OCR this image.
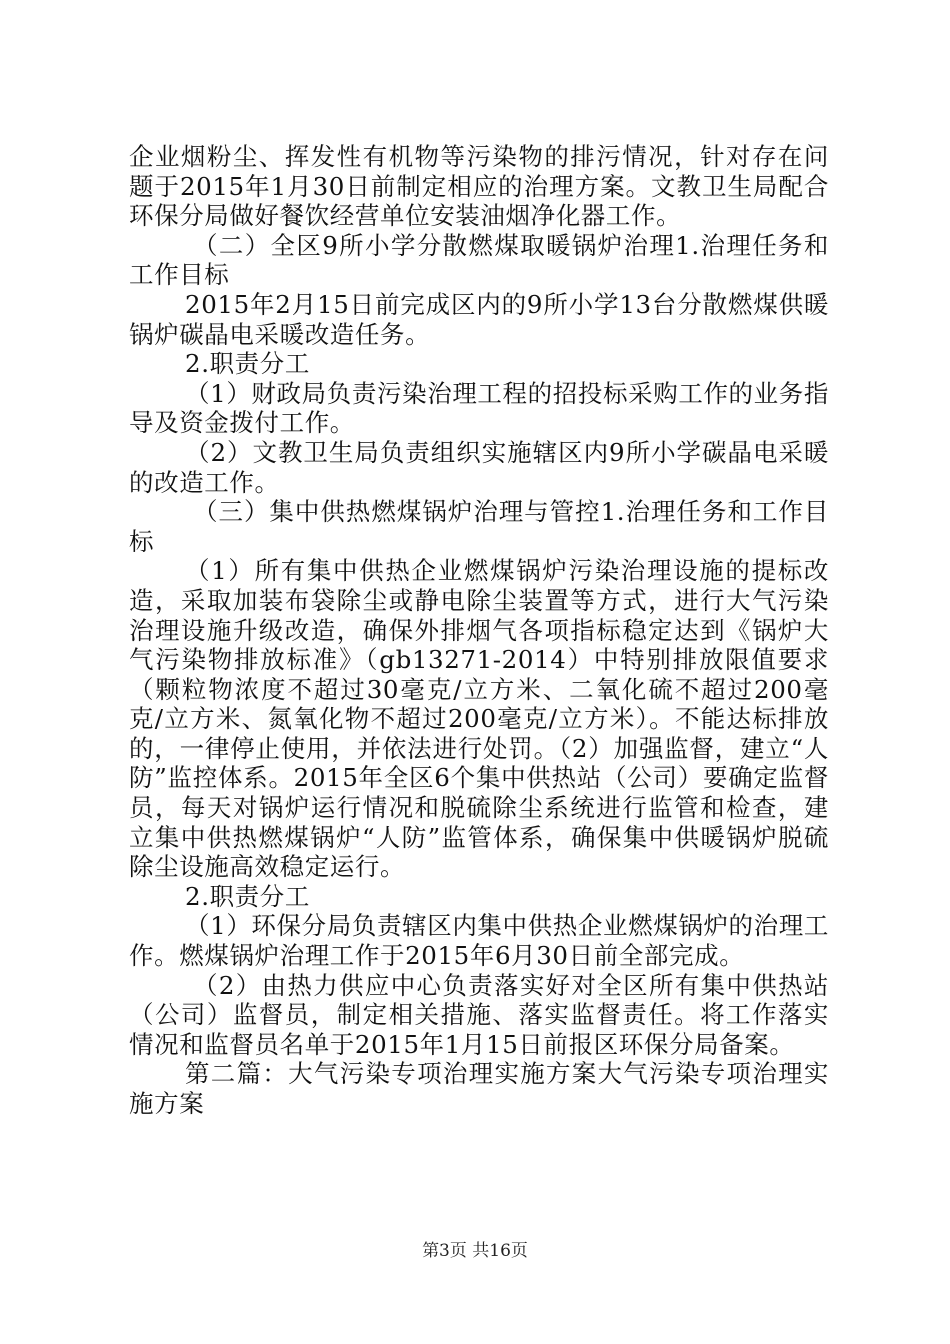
企业烟粉尘、挥发性有机物等污染物的排污情况，针对存在问题于2015年1月30日前制定相应的治理方案。文教卫生局配合环保分局做好餐饮经营单位安装油烟净化器工作。

（二）全区9所小学分散燃煤取暖锅炉治理1.治理任务和工作目标

2015年2月15日前完成区内的9所小学13台分散燃煤供暖锅炉碳晶电采暖改造任务。

2.职责分工

（1）财政局负责污染治理工程的招投标采购工作的业务指导及资金拨付工作。

（2）文教卫生局负责组织实施辖区内9所小学碳晶电采暖的改造工作。

（三）集中供热燃煤锅炉治理与管控1.治理任务和工作目标

（1）所有集中供热企业燃煤锅炉污染治理设施的提标改造，采取加装布袋除尘或静电除尘装置等方式，进行大气污染治理设施升级改造，确保外排烟气各项指标稳定达到《锅炉大气污染物排放标准》（gb13271-2014）中特别排放限值要求（颗粒物浓度不超过30毫克/立方米、二氧化硫不超过200毫克/立方米、氮氧化物不超过200毫克/立方米）。不能达标排放的，一律停止使用，并依法进行处罚。（2）加强监督，建立“人防”监控体系。2015年全区6个集中供热站（公司）要确定监督员，每天对锅炉运行情况和脱硫除尘系统进行监管和检查，建立集中供热燃煤锅炉“人防”监管体系，确保集中供暖锅炉脱硫除尘设施高效稳定运行。

2.职责分工

（1）环保分局负责辖区内集中供热企业燃煤锅炉的治理工作。燃煤锅炉治理工作于2015年6月30日前全部完成。

（2）由热力供应中心负责落实好对全区所有集中供热站（公司）监督员，制定相关措施、落实监督责任。将工作落实情况和监督员名单于2015年1月15日前报区环保分局备案。

第二篇：大气污染专项治理实施方案大气污染专项治理实施方案

第3页 共16页
